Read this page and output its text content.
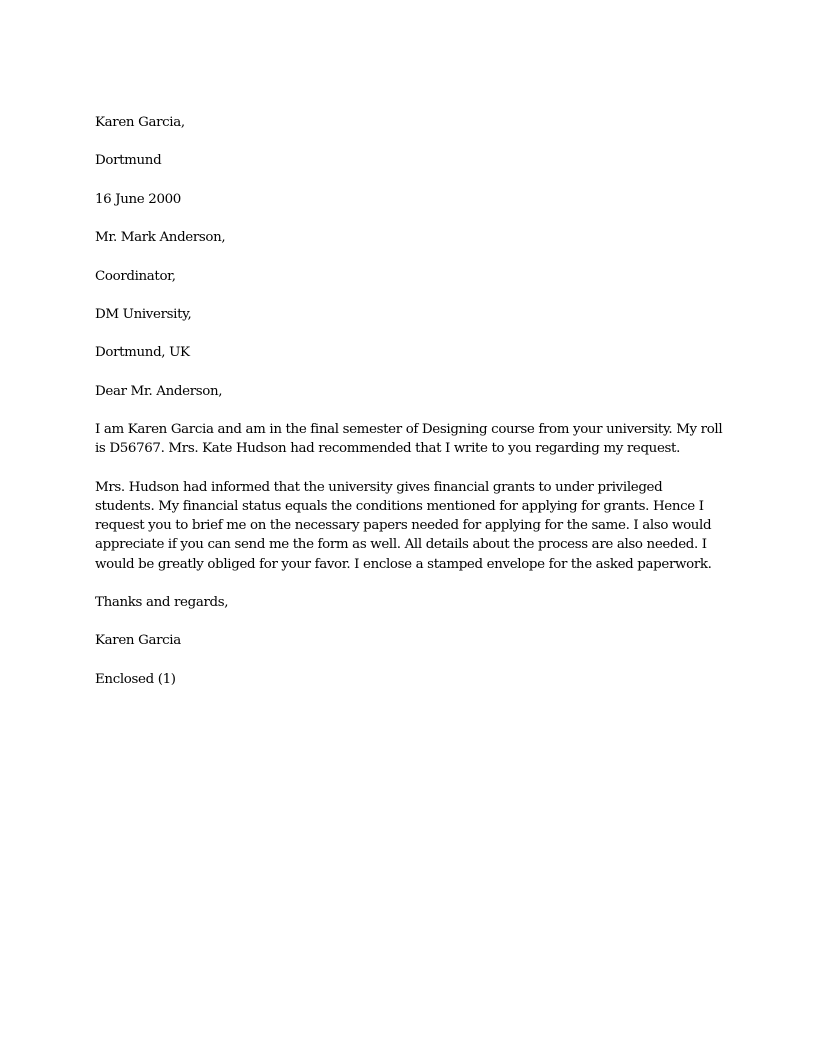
Karen Garcia,

Dortmund

16 June 2000

Mr. Mark Anderson,

Coordinator,

DM University,

Dortmund, UK

Dear Mr. Anderson,

I am Karen Garcia and am in the final semester of Designing course from your university. My roll is D56767. Mrs. Kate Hudson had recommended that I write to you regarding my request.

Mrs. Hudson had informed that the university gives financial grants to under privileged students. My financial status equals the conditions mentioned for applying for grants. Hence I request you to brief me on the necessary papers needed for applying for the same. I also would appreciate if you can send me the form as well. All details about the process are also needed. I would be greatly obliged for your favor. I enclose a stamped envelope for the asked paperwork.

Thanks and regards,

Karen Garcia

Enclosed (1)
